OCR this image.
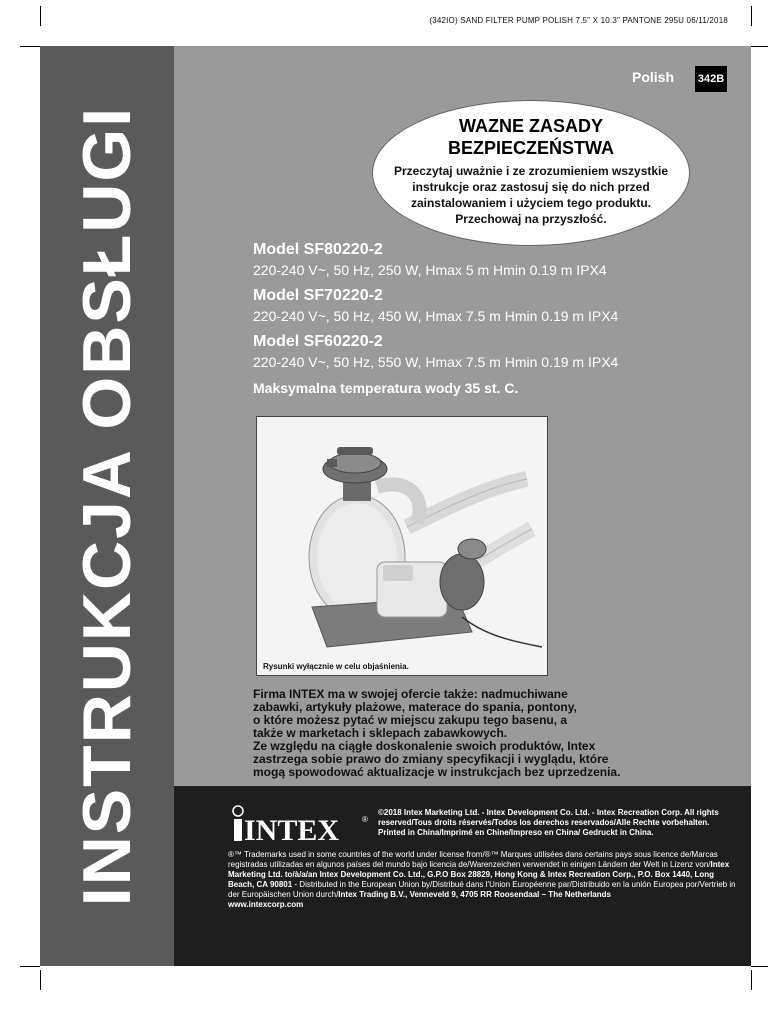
(342IO) SAND FILTER PUMP POLISH 7.5" X 10.3" PANTONE 295U 06/11/2018
INSTRUKCJA OBSŁUGI
Polish 342B
WAZNE ZASADY
BEZPIECZEŃSTWA
Przeczytaj uważnie i ze zrozumieniem wszystkie
instrukcje oraz zastosuj się do nich przed
zainstalowaniem i użyciem tego produktu.
Przechowaj na przyszłość.
Model SF80220-2
220-240 V~, 50 Hz, 250 W, Hmax 5 m Hmin 0.19 m IPX4
Model SF70220-2
220-240 V~, 50 Hz, 450 W, Hmax 7.5 m Hmin 0.19 m IPX4
Model SF60220-2
220-240 V~, 50 Hz, 550 W, Hmax 7.5 m Hmin 0.19 m IPX4
Maksymalna temperatura wody 35 st. C.
Rysunki wyłącznie w celu objaśnienia.
Firma INTEX ma w swojej ofercie także: nadmuchiwane
zabawki, artykuły plażowe, materace do spania, pontony,
o które możesz pytać w miejscu zakupu tego basenu, a
także w marketach i sklepach zabawkowych.
Ze względu na ciągłe doskonalenie swoich produktów, Intex
zastrzega sobie prawo do zmiany specyfikacji i wyglądu, które
mogą spowodować aktualizacje w instrukcjach bez uprzedzenia.
INTEX	®
©2018 Intex Marketing Ltd. - Intex Development Co. Ltd. - Intex Recreation Corp. All rights reserved/Tous droits réservés/Todos los derechos reservados/Alle Rechte vorbehalten. Printed in China/Imprimé en Chine/Impreso en China/ Gedruckt in China.
®™ Trademarks used in some countries of the world under license from/®™ Marques utilisées dans certains pays sous licence de/Marcas registradas utilizadas en algunos países del mundo bajo licencia de/Warenzeichen verwendet in einigen Ländern der Welt in Lizenz von/Intex Marketing Ltd. to/à/a/an Intex Development Co. Ltd., G.P.O Box 28829, Hong Kong & Intex Recreation Corp., P.O. Box 1440, Long Beach, CA 90801 - Distributed in the European Union by/Distribué dans l’Union Européenne par/Distribuido en la unión Europea por/Vertrieb in der Europäischen Union durch/Intex Trading B.V., Venneveld 9, 4705 RR Roosendaal – The Netherlands
www.intexcorp.com
